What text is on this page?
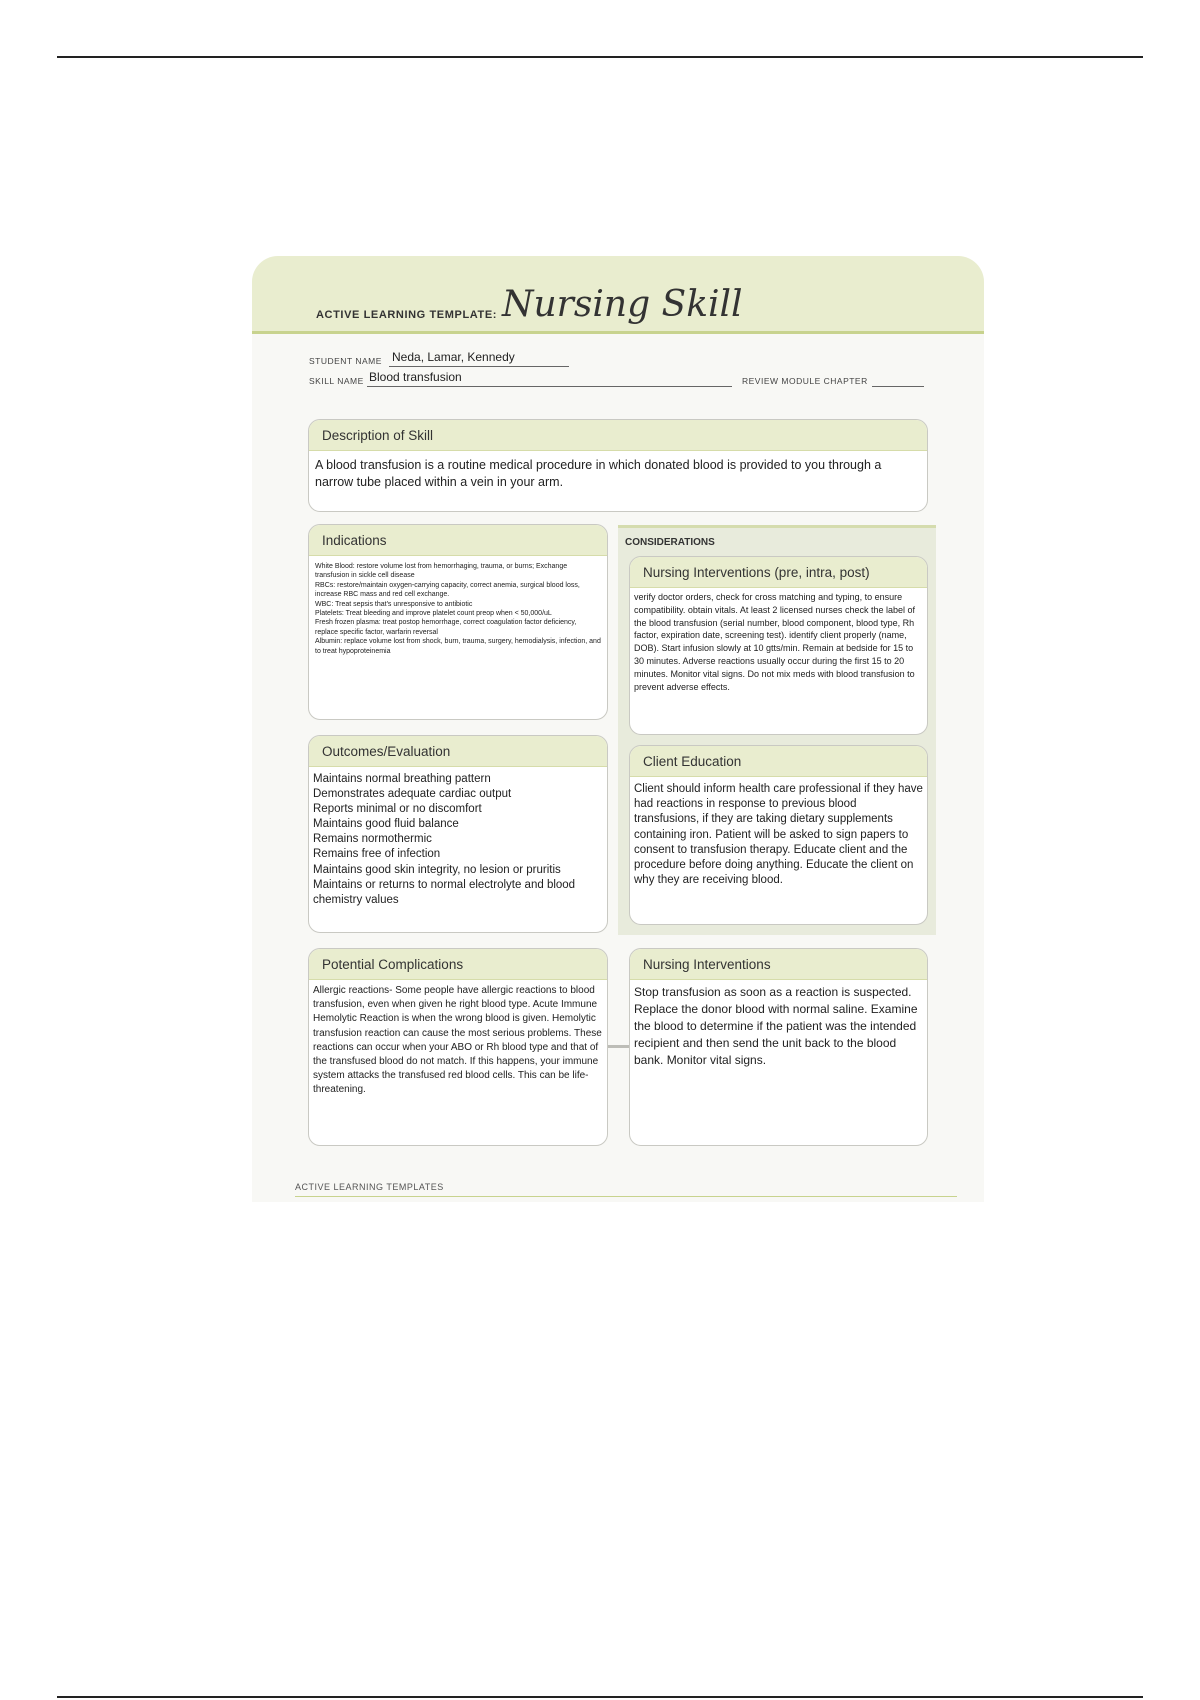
ACTIVE LEARNING TEMPLATE: Nursing Skill
STUDENT NAME Neda, Lamar, Kennedy
SKILL NAME Blood transfusion	REVIEW MODULE CHAPTER
Description of Skill
A blood transfusion is a routine medical procedure in which donated blood is provided to you through a narrow tube placed within a vein in your arm.
Indications
White Blood: restore volume lost from hemorrhaging, trauma, or burns; Exchange transfusion in sickle cell disease
RBCs: restore/maintain oxygen-carrying capacity, correct anemia, surgical blood loss, increase RBC mass and red cell exchange.
WBC: Treat sepsis that's unresponsive to antibiotic
Platelets: Treat bleeding and improve platelet count preop when < 50,000/uL
Fresh frozen plasma: treat postop hemorrhage, correct coagulation factor deficiency, replace specific factor, warfarin reversal
Albumin: replace volume lost from shock, burn, trauma, surgery, hemodialysis, infection, and to treat hypoproteinemia
Outcomes/Evaluation
Maintains normal breathing pattern
Demonstrates adequate cardiac output
Reports minimal or no discomfort
Maintains good fluid balance
Remains normothermic
Remains free of infection
Maintains good skin integrity, no lesion or pruritis
Maintains or returns to normal electrolyte and blood chemistry values
CONSIDERATIONS
Nursing Interventions (pre, intra, post)
verify doctor orders, check for cross matching and typing, to ensure compatibility. obtain vitals. At least 2 licensed nurses check the label of the blood transfusion (serial number, blood component, blood type, Rh factor, expiration date, screening test). identify client properly (name, DOB). Start infusion slowly at 10 gtts/min. Remain at bedside for 15 to 30 minutes. Adverse reactions usually occur during the first 15 to 20 minutes. Monitor vital signs. Do not mix meds with blood transfusion to prevent adverse effects.
Client Education
Client should inform health care professional if they have had reactions in response to previous blood transfusions, if they are taking dietary supplements containing iron. Patient will be asked to sign papers to consent to transfusion therapy. Educate client and the procedure before doing anything. Educate the client on why they are receiving blood.
Potential Complications
Allergic reactions- Some people have allergic reactions to blood transfusion, even when given he right blood type. Acute Immune Hemolytic Reaction is when the wrong blood is given. Hemolytic transfusion reaction can cause the most serious problems. These reactions can occur when your ABO or Rh blood type and that of the transfused blood do not match. If this happens, your immune system attacks the transfused red blood cells. This can be life-threatening.
Nursing Interventions
Stop transfusion as soon as a reaction is suspected. Replace the donor blood with normal saline. Examine the blood to determine if the patient was the intended recipient and then send the unit back to the blood bank. Monitor vital signs.
ACTIVE LEARNING TEMPLATES
